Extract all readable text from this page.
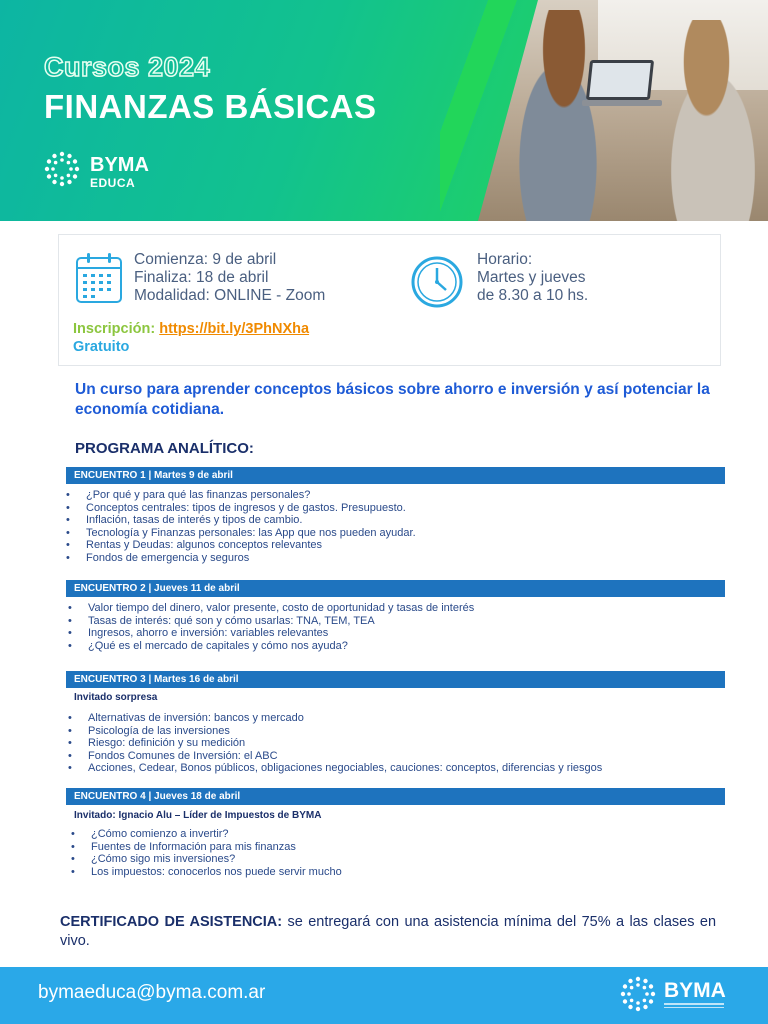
Cursos 2024
FINANZAS BÁSICAS
BYMA
EDUCA
Comienza: 9 de abril
Finaliza: 18 de abril
Modalidad: ONLINE - Zoom
Horario:
Martes y jueves
de 8.30 a 10 hs.
Inscripción: https://bit.ly/3PhNXha
Gratuito
Un curso para aprender conceptos básicos sobre ahorro e inversión y así potenciar la economía cotidiana.
PROGRAMA ANALÍTICO:
ENCUENTRO 1 | Martes 9 de abril
• ¿Por qué y para qué las finanzas personales?
• Conceptos centrales: tipos de ingresos y de gastos. Presupuesto.
• Inflación, tasas de interés y tipos de cambio.
• Tecnología y Finanzas personales: las App que nos pueden ayudar.
• Rentas y Deudas: algunos conceptos relevantes
• Fondos de emergencia y seguros
ENCUENTRO 2 | Jueves 11 de abril
• Valor tiempo del dinero, valor presente, costo de oportunidad y tasas de interés
• Tasas de interés: qué son y cómo usarlas: TNA, TEM, TEA
• Ingresos, ahorro e inversión: variables relevantes
• ¿Qué es el mercado de capitales y cómo nos ayuda?
ENCUENTRO 3 | Martes 16 de abril
Invitado sorpresa
• Alternativas de inversión: bancos y mercado
• Psicología de las inversiones
• Riesgo: definición y su medición
• Fondos Comunes de Inversión: el ABC
• Acciones, Cedear, Bonos públicos, obligaciones negociables, cauciones: conceptos, diferencias y riesgos
ENCUENTRO 4 | Jueves 18 de abril
Invitado: Ignacio Alu – Líder de Impuestos de BYMA
• ¿Cómo comienzo a invertir?
• Fuentes de Información para mis finanzas
• ¿Cómo sigo mis inversiones?
• Los impuestos: conocerlos nos puede servir mucho
CERTIFICADO DE ASISTENCIA: se entregará con una asistencia mínima del 75% a las clases en vivo.
bymaeduca@byma.com.ar	BYMA
